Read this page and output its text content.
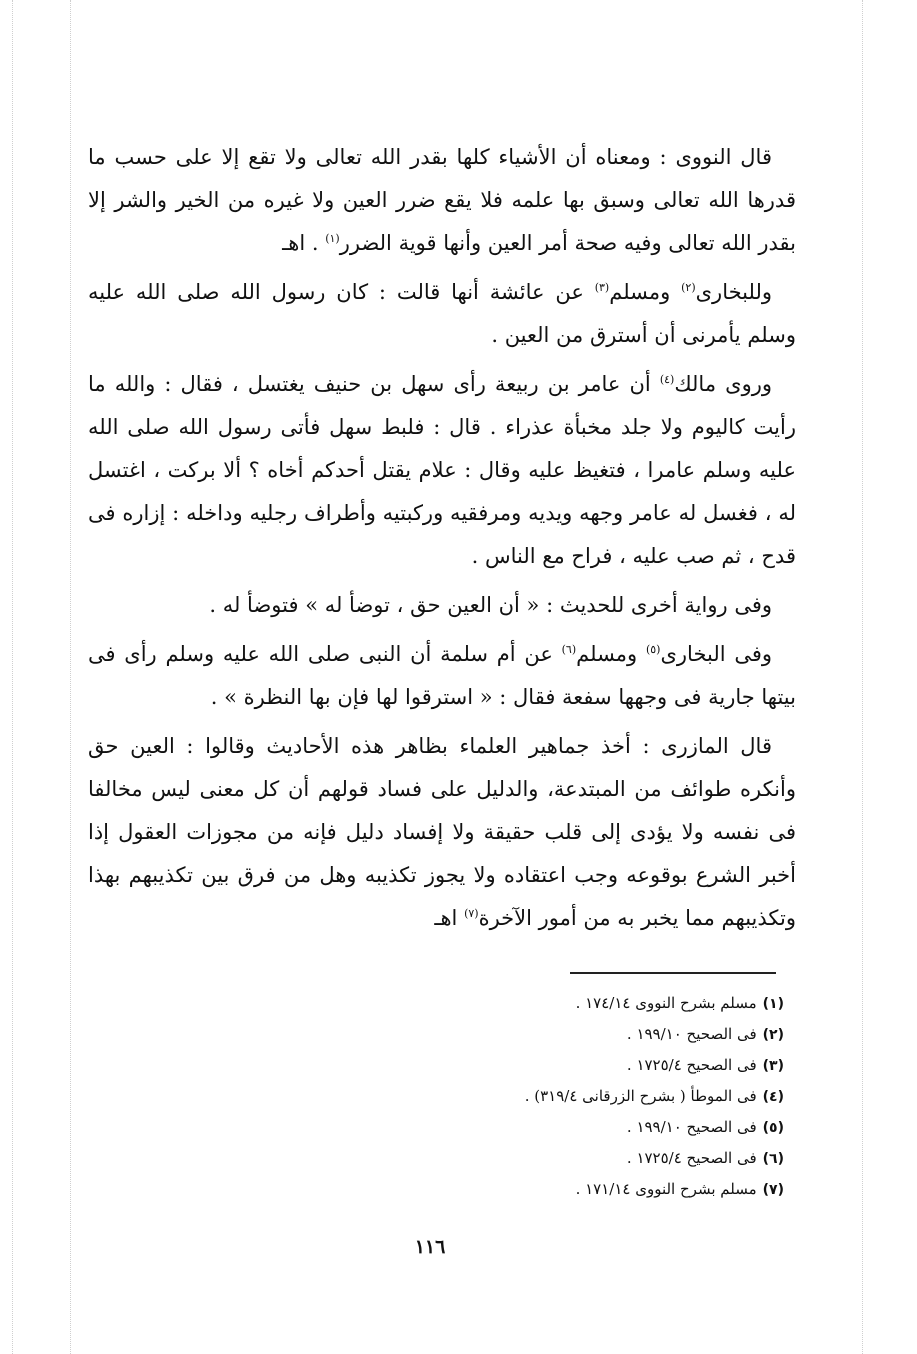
قال النووى : ومعناه أن الأشياء كلها بقدر الله تعالى ولا تقع إلا على حسب ما قدرها الله تعالى وسبق بها علمه فلا يقع ضرر العين ولا غيره من الخير والشر إلا بقدر الله تعالى وفيه صحة أمر العين وأنها قوية الضرر$^{(١)}$ . اهـ

وللبخارى$^{(٢)}$ ومسلم$^{(٣)}$ عن عائشة أنها قالت : كان رسول الله صلى الله عليه وسلم يأمرنى أن أسترق من العين .

وروى مالك$^{(٤)}$ أن عامر بن ربيعة رأى سهل بن حنيف يغتسل ، فقال : والله ما رأيت كاليوم ولا جلد مخبأة عذراء . قال : فلبط سهل فأتى رسول الله صلى الله عليه وسلم عامرا ، فتغيظ عليه وقال : علام يقتل أحدكم أخاه ؟ ألا بركت ، اغتسل له ، فغسل له عامر وجهه ويديه ومرفقيه وركبتيه وأطراف رجليه وداخله : إزاره فى قدح ، ثم صب عليه ، فراح مع الناس .

وفى رواية أخرى للحديث : « أن العين حق ، توضأ له » فتوضأ له .

وفى البخارى$^{(٥)}$ ومسلم$^{(٦)}$ عن أم سلمة أن النبى صلى الله عليه وسلم رأى فى بيتها جارية فى وجهها سفعة فقال : « استرقوا لها فإن بها النظرة » .

قال المازرى : أخذ جماهير العلماء بظاهر هذه الأحاديث وقالوا : العين حق وأنكره طوائف من المبتدعة، والدليل على فساد قولهم أن كل معنى ليس مخالفا فى نفسه ولا يؤدى إلى قلب حقيقة ولا إفساد دليل فإنه من مجوزات العقول إذا أخبر الشرع بوقوعه وجب اعتقاده ولا يجوز تكذيبه وهل من فرق بين تكذيبهم بهذا وتكذيبهم مما يخبر به من أمور الآخرة$^{(٧)}$ اهـ

(١)مسلم بشرح النووى ١٧٤/١٤ .

(٢)فى الصحيح ١٩٩/١٠ .

(٣)فى الصحيح ١٧٢٥/٤ .

(٤)فى الموطأ ( بشرح الزرقانى ٣١٩/٤) .

(٥)فى الصحيح ١٩٩/١٠ .

(٦)فى الصحيح ١٧٢٥/٤ .

(٧)مسلم بشرح النووى ١٧١/١٤ .

١١٦
